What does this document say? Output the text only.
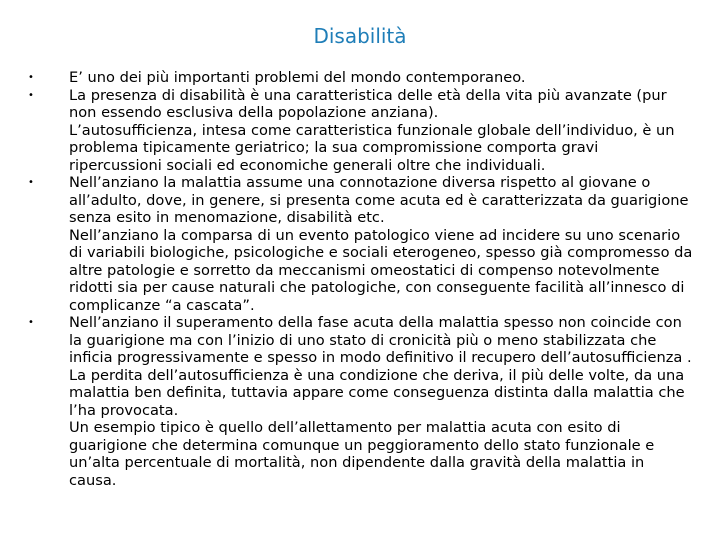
Disabilità
• E’ uno dei più importanti problemi del mondo contemporaneo.
• La presenza di disabilità è una caratteristica delle età della vita più avanzate (pur non essendo esclusiva della popolazione anziana).
L’autosufficienza, intesa come caratteristica funzionale globale dell’individuo, è un problema tipicamente geriatrico; la sua compromissione comporta gravi ripercussioni sociali ed economiche generali oltre che individuali.
• Nell’anziano la malattia assume una connotazione diversa rispetto al giovane o all’adulto, dove, in genere, si presenta come acuta ed è caratterizzata da guarigione senza esito in menomazione, disabilità etc.
Nell’anziano la comparsa di un evento patologico viene ad incidere su uno scenario di variabili biologiche, psicologiche e sociali eterogeneo, spesso già compromesso da altre patologie e sorretto da meccanismi omeostatici di compenso notevolmente ridotti sia per cause naturali che patologiche, con conseguente facilità all’innesco di complicanze “a cascata”.
• Nell’anziano il superamento della fase acuta della malattia spesso non coincide con la guarigione ma con l’inizio di uno stato di cronicità più o meno stabilizzata che inficia progressivamente e spesso in modo definitivo il recupero dell’autosufficienza . La perdita dell’autosufficienza è una condizione che deriva, il più delle volte, da una malattia ben definita, tuttavia appare come conseguenza distinta dalla malattia che l’ha provocata.
Un esempio tipico è quello dell’allettamento per malattia acuta con esito di guarigione che determina comunque un peggioramento dello stato funzionale e un’alta percentuale di mortalità, non dipendente dalla gravità della malattia in causa.
